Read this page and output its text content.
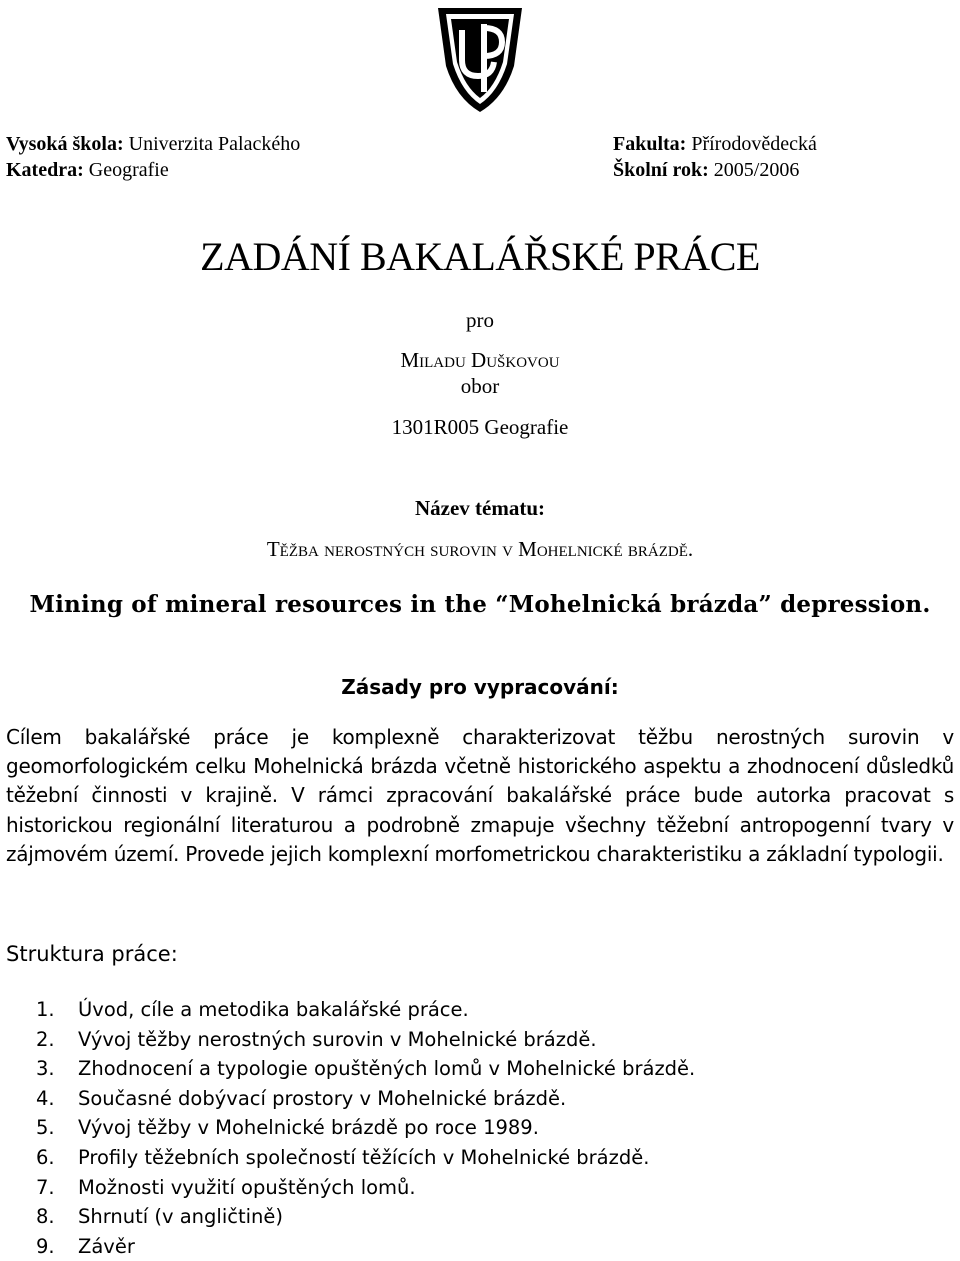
Vysoká škola: Univerzita Palackého
Katedra: Geografie
Fakulta: Přírodovědecká
Školní rok: 2005/2006
ZADÁNÍ BAKALÁŘSKÉ PRÁCE
pro
Miladu Duškovou
obor
1301R005 Geografie
Název tématu:
Těžba nerostných surovin v Mohelnické brázdě.
Mining of mineral resources in the “Mohelnická brázda” depression.
Zásady pro vypracování:
Cílem bakalářské práce je komplexně charakterizovat těžbu nerostných surovin v geomorfologickém celku Mohelnická brázda včetně historického aspektu a zhodnocení důsledků těžební činnosti v krajině. V rámci zpracování bakalářské práce bude autorka pracovat s historickou regionální literaturou a podrobně zmapuje všechny těžební antropogenní tvary v zájmovém území. Provede jejich komplexní morfometrickou charakteristiku a základní typologii.
Struktura práce:
1. Úvod, cíle a metodika bakalářské práce.
2. Vývoj těžby nerostných surovin v Mohelnické brázdě.
3. Zhodnocení a typologie opuštěných lomů v Mohelnické brázdě.
4. Současné dobývací prostory v Mohelnické brázdě.
5. Vývoj těžby v Mohelnické brázdě po roce 1989.
6. Profily těžebních společností těžících v Mohelnické brázdě.
7. Možnosti využití opuštěných lomů.
8. Shrnutí (v angličtině)
9. Závěr
